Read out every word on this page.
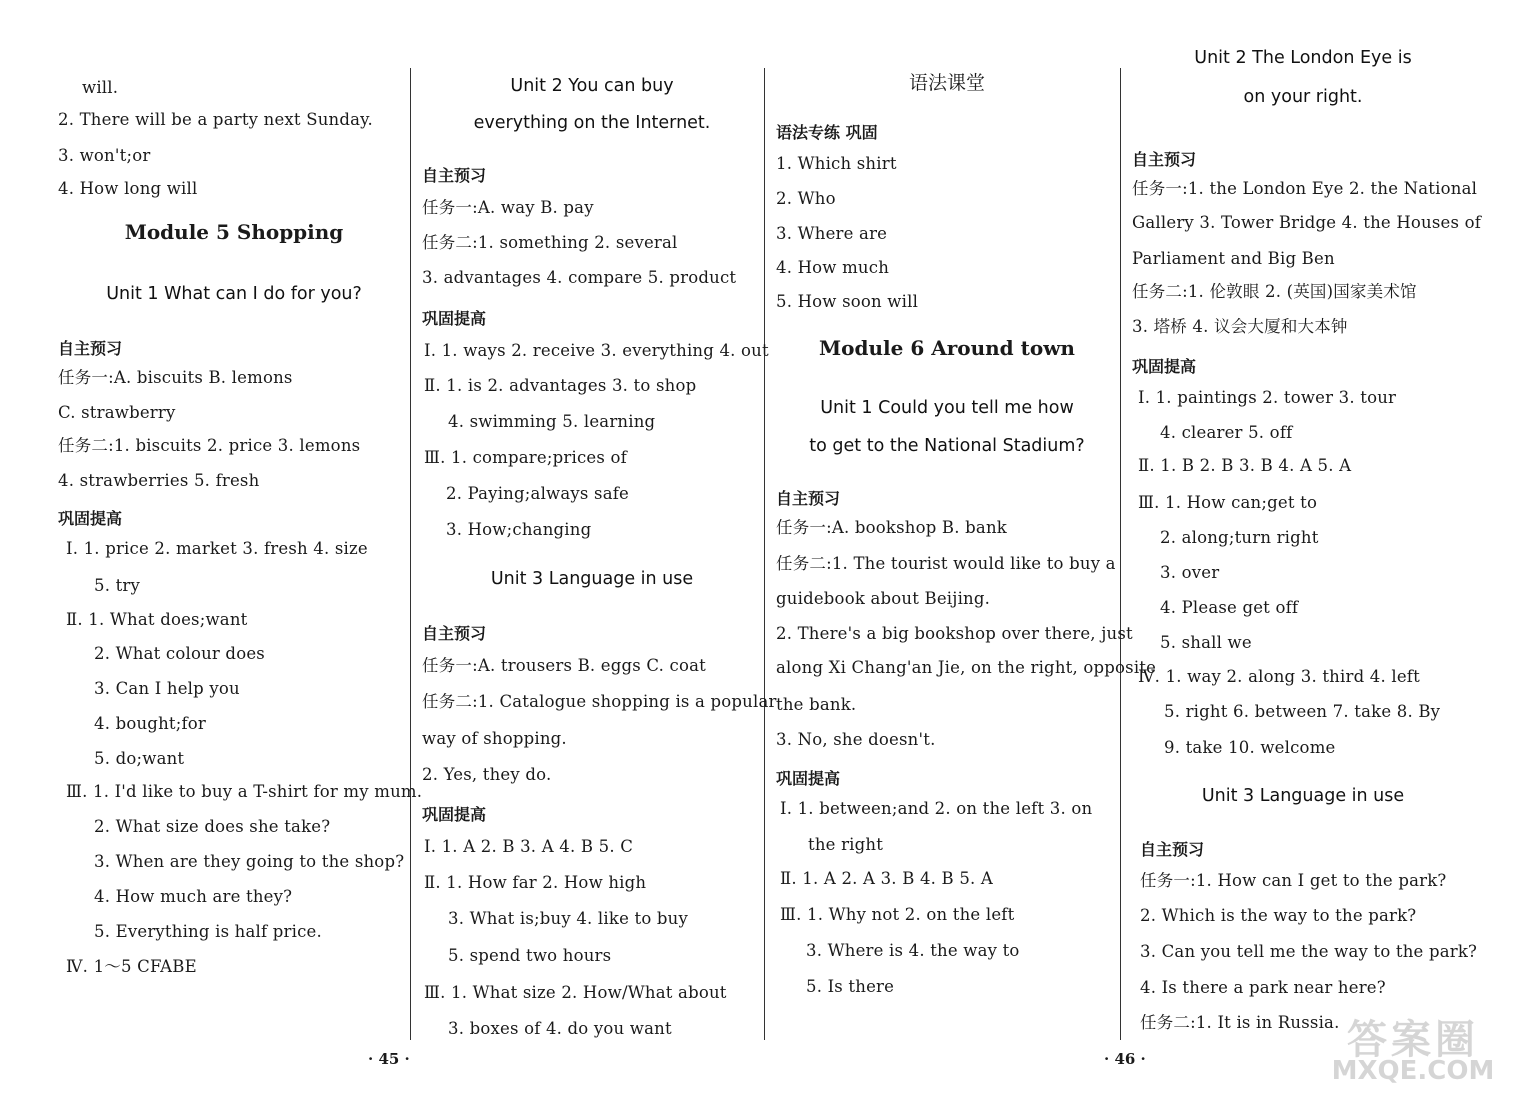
will.
2. There will be a party next Sunday.
3. won't;or
4. How long will
Module 5 Shopping
Unit 1 What can I do for you?
自主预习
任务一:A. biscuits B. lemons
C. strawberry
任务二:1. biscuits 2. price 3. lemons
4. strawberries 5. fresh
巩固提高
Ⅰ. 1. price 2. market 3. fresh 4. size
5. try
Ⅱ. 1. What does;want
2. What colour does
3. Can I help you
4. bought;for
5. do;want
Ⅲ. 1. I'd like to buy a T-shirt for my mum.
2. What size does she take?
3. When are they going to the shop?
4. How much are they?
5. Everything is half price.
Ⅳ. 1～5 CFABE
Unit 2 You can buy
everything on the Internet.
自主预习
任务一:A. way B. pay
任务二:1. something 2. several
3. advantages 4. compare 5. product
巩固提高
Ⅰ. 1. ways 2. receive 3. everything 4. out
Ⅱ. 1. is 2. advantages 3. to shop
4. swimming 5. learning
Ⅲ. 1. compare;prices of
2. Paying;always safe
3. How;changing
Unit 3 Language in use
自主预习
任务一:A. trousers B. eggs C. coat
任务二:1. Catalogue shopping is a popular
way of shopping.
2. Yes, they do.
巩固提高
Ⅰ. 1. A 2. B 3. A 4. B 5. C
Ⅱ. 1. How far 2. How high
3. What is;buy 4. like to buy
5. spend two hours
Ⅲ. 1. What size 2. How/What about
3. boxes of 4. do you want
语法课堂
语法专练 巩固
1. Which shirt
2. Who
3. Where are
4. How much
5. How soon will
Module 6 Around town
Unit 1 Could you tell me how
to get to the National Stadium?
自主预习
任务一:A. bookshop B. bank
任务二:1. The tourist would like to buy a
guidebook about Beijing.
2. There's a big bookshop over there, just
along Xi Chang'an Jie, on the right, opposite
the bank.
3. No, she doesn't.
巩固提高
Ⅰ. 1. between;and 2. on the left 3. on
the right
Ⅱ. 1. A 2. A 3. B 4. B 5. A
Ⅲ. 1. Why not 2. on the left
3. Where is 4. the way to
5. Is there
Unit 2 The London Eye is
on your right.
自主预习
任务一:1. the London Eye 2. the National
Gallery 3. Tower Bridge 4. the Houses of
Parliament and Big Ben
任务二:1. 伦敦眼 2. (英国)国家美术馆
3. 塔桥 4. 议会大厦和大本钟
巩固提高
Ⅰ. 1. paintings 2. tower 3. tour
4. clearer 5. off
Ⅱ. 1. B 2. B 3. B 4. A 5. A
Ⅲ. 1. How can;get to
2. along;turn right
3. over
4. Please get off
5. shall we
Ⅳ. 1. way 2. along 3. third 4. left
5. right 6. between 7. take 8. By
9. take 10. welcome
Unit 3 Language in use
自主预习
任务一:1. How can I get to the park?
2. Which is the way to the park?
3. Can you tell me the way to the park?
4. Is there a park near here?
任务二:1. It is in Russia.
· 45 ·	· 46 ·	答案圈
MXQE.COM
